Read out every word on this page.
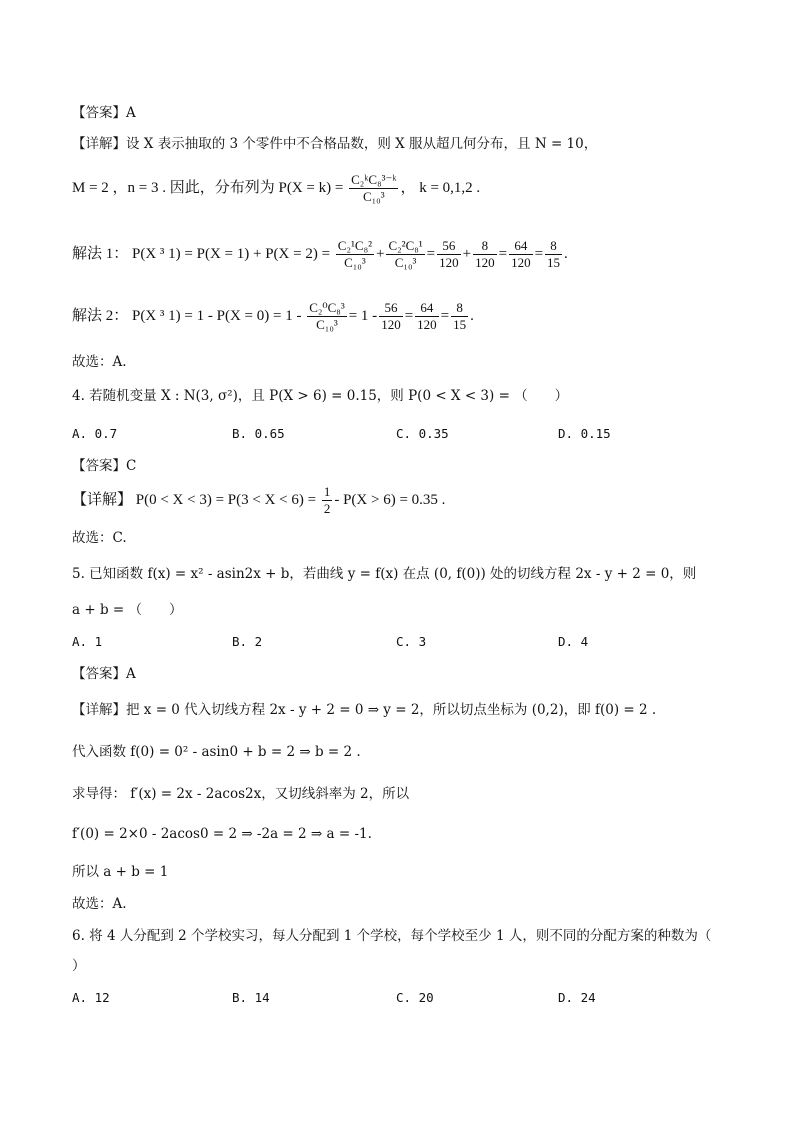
【答案】A
【详解】设 X 表示抽取的 3 个零件中不合格品数，则 X 服从超几何分布，且 N = 10，
M = 2 ，n = 3 . 因此，分布列为 $P(X = k) = \frac{\text{C₂ᵏC₈³⁻ᵏ}}{\text{C₁₀³}}$ ， k = 0,1,2 .
解法 1： P(X ³ $1) = P(X = 1) + P(X = 2) = \frac{\text{C₂¹C₈²}}{\text{C₁₀³}} + \frac{\text{C₂²C₈¹}}{\text{C₁₀³}} = \frac{56}{120} + \frac{8}{120} = \frac{64}{120} = \frac{8}{15}$ .
解法 2： P(X ³ $1) = 1 - P(X = 0) = 1 - \frac{\text{C₂⁰C₈³}}{\text{C₁₀³}} = 1 - \frac{56}{120} = \frac{64}{120} = \frac{8}{15}$ .
故选：A.
4. 若随机变量 X : N(3, σ²)，且 P(X > 6) = 0.15，则 P(0 < X < 3) = （　　）
A. 0.7	B. 0.65	C. 0.35	D. 0.15
【答案】C
【详解】 $P(0 < X < 3) = P(3 < X < 6) = \frac{1}{2} - P(X > 6) = 0.35$ .
故选：C.
5. 已知函数 f(x) = x² - asin2x + b，若曲线 y = f(x) 在点 (0, f(0)) 处的切线方程 2x - y + 2 = 0，则
a + b = （　　）
A. 1	B. 2	C. 3	D. 4
【答案】A
【详解】把 x = 0 代入切线方程 2x - y + 2 = 0 ⇒ y = 2，所以切点坐标为 (0,2)，即 f(0) = 2 .
代入函数 f(0) = 0² - asin0 + b = 2 ⇒ b = 2 .
求导得： f′(x) = 2x - 2acos2x，又切线斜率为 2，所以
f′(0) = 2×0 - 2acos0 = 2 ⇒ -2a = 2 ⇒ a = -1.
所以 a + b = 1
故选：A.
6. 将 4 人分配到 2 个学校实习，每人分配到 1 个学校，每个学校至少 1 人，则不同的分配方案的种数为（
）
A. 12	B. 14	C. 20	D. 24
